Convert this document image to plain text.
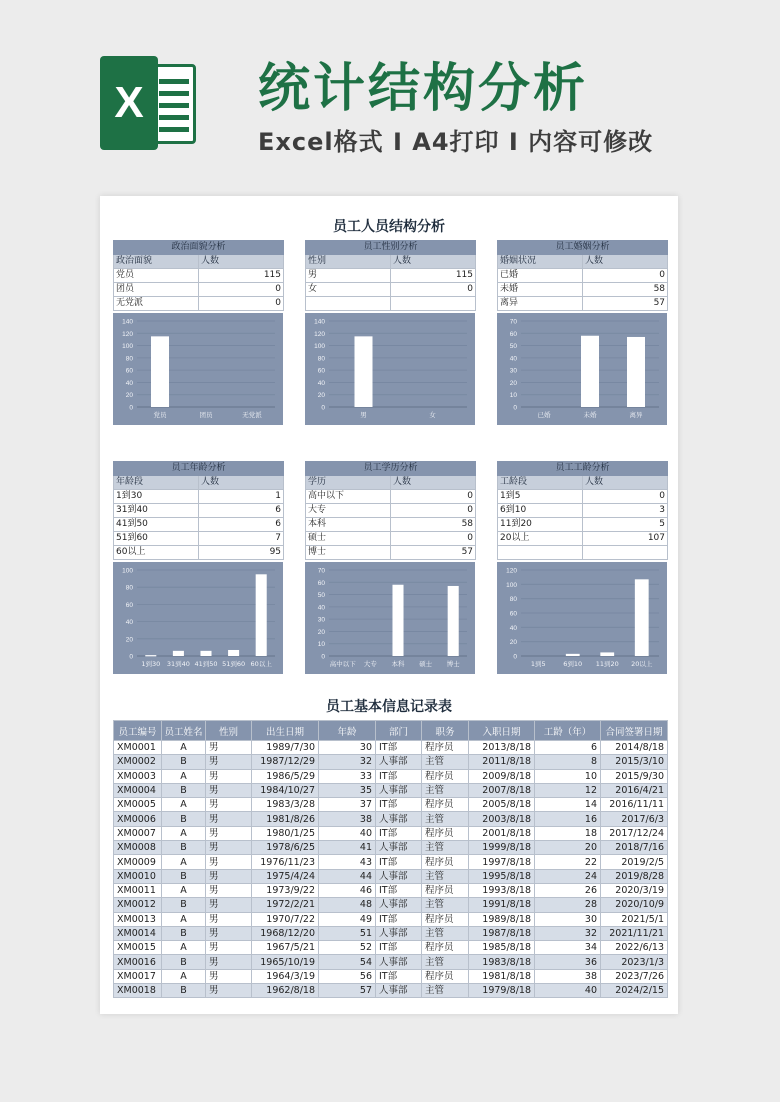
X 统计结构分析
Excel格式 I A4打印 I 内容可修改
员工人员结构分析
政治面貌分析	
政治面貌	人数
党员	115
团员	0
无党派	0
员工性别分析	
性别	人数
男	115
女	0

员工婚姻分析	
婚姻状况	人数
已婚	0
未婚	58
离异	57
0
20
40
60
80
100
120
140
党员	团员	无党派
0
20
40
60
80
100
120
140
男	女
0
10
20
30
40
50
60
70
已婚	未婚	离异
员工年龄分析	
年龄段	人数
1到30	1
31到40	6
41到50	6
51到60	7
60以上	95
员工学历分析	
学历	人数
高中以下	0
大专	0
本科	58
硕士	0
博士	57
员工工龄分析	
工龄段	人数
1到5	0
6到10	3
11到20	5
20以上	107

0
20
40
60
80
100
1到30 31到40 41到50 51到60 60以上
0
10
20
30
40
50
60
70
高中以下 大专 本科 硕士 博士
0
20
40
60
80
100
120
1到5	6到10 11到20 20以上
员工基本信息记录表
员工编号	员工姓名	性别	出生日期	年龄	部门	职务	入职日期	工龄（年）	合同签署日期
XM0001	A	男	1989/7/30	30	IT部	程序员	2013/8/18	6	2014/8/18
XM0002	B	男	1987/12/29	32	人事部	主管	2011/8/18	8	2015/3/10
XM0003	A	男	1986/5/29	33	IT部	程序员	2009/8/18	10	2015/9/30
XM0004	B	男	1984/10/27	35	人事部	主管	2007/8/18	12	2016/4/21
XM0005	A	男	1983/3/28	37	IT部	程序员	2005/8/18	14	2016/11/11
XM0006	B	男	1981/8/26	38	人事部	主管	2003/8/18	16	2017/6/3
XM0007	A	男	1980/1/25	40	IT部	程序员	2001/8/18	18	2017/12/24
XM0008	B	男	1978/6/25	41	人事部	主管	1999/8/18	20	2018/7/16
XM0009	A	男	1976/11/23	43	IT部	程序员	1997/8/18	22	2019/2/5
XM0010	B	男	1975/4/24	44	人事部	主管	1995/8/18	24	2019/8/28
XM0011	A	男	1973/9/22	46	IT部	程序员	1993/8/18	26	2020/3/19
XM0012	B	男	1972/2/21	48	人事部	主管	1991/8/18	28	2020/10/9
XM0013	A	男	1970/7/22	49	IT部	程序员	1989/8/18	30	2021/5/1
XM0014	B	男	1968/12/20	51	人事部	主管	1987/8/18	32	2021/11/21
XM0015	A	男	1967/5/21	52	IT部	程序员	1985/8/18	34	2022/6/13
XM0016	B	男	1965/10/19	54	人事部	主管	1983/8/18	36	2023/1/3
XM0017	A	男	1964/3/19	56	IT部	程序员	1981/8/18	38	2023/7/26
XM0018	B	男	1962/8/18	57	人事部	主管	1979/8/18	40	2024/2/15
